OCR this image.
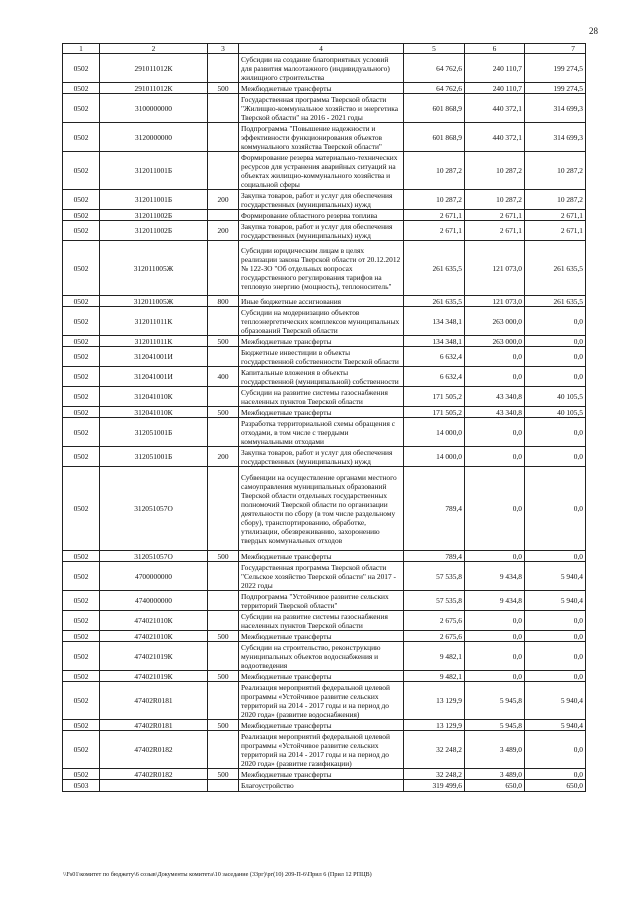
28
1	2	3	4	5	6	7
0502	291011012К		Субсидии на создание благоприятных условий для развития малоэтажного (индивидуального) жилищного строительства	64 762,6	240 110,7	199 274,5
0502	291011012К	500	Межбюджетные трансферты	64 762,6	240 110,7	199 274,5
0502	3100000000		Государственная программа Тверской области "Жилищно-коммунальное хозяйство и энергетика Тверской области" на 2016 - 2021 годы	601 868,9	440 372,1	314 699,3
0502	3120000000		Подпрограмма "Повышение надежности и эффективности функционирования объектов коммунального хозяйства Тверской области"	601 868,9	440 372,1	314 699,3
0502	312011001Б		Формирование резерва материально-технических ресурсов для устранения аварийных ситуаций на объектах жилищно-коммунального хозяйства и социальной сферы	10 287,2	10 287,2	10 287,2
0502	312011001Б	200	Закупка товаров, работ и услуг для обеспечения государственных (муниципальных) нужд	10 287,2	10 287,2	10 287,2
0502	312011002Б		Формирование областного резерва топлива	2 671,1	2 671,1	2 671,1
0502	312011002Б	200	Закупка товаров, работ и услуг для обеспечения государственных (муниципальных) нужд	2 671,1	2 671,1	2 671,1
0502	312011005Ж		Субсидии юридическим лицам в целях реализации закона Тверской области от 20.12.2012 № 122-ЗО "Об отдельных вопросах государственного регулирования тарифов на тепловую энергию (мощность), теплоноситель"	261 635,5	121 073,0	261 635,5
0502	312011005Ж	800	Иные бюджетные ассигнования	261 635,5	121 073,0	261 635,5
0502	312011011К		Субсидии на модернизацию объектов теплоэнергетических комплексов муниципальных образований Тверской области	134 348,1	263 000,0	0,0
0502	312011011К	500	Межбюджетные трансферты	134 348,1	263 000,0	0,0
0502	312041001И		Бюджетные инвестиции в объекты государственной собственности Тверской области	6 632,4	0,0	0,0
0502	312041001И	400	Капитальные вложения в объекты государственной (муниципальной) собственности	6 632,4	0,0	0,0
0502	312041010К		Субсидии на развитие системы газоснабжения населенных пунктов Тверской области	171 505,2	43 340,8	40 105,5
0502	312041010К	500	Межбюджетные трансферты	171 505,2	43 340,8	40 105,5
0502	312051001Б		Разработка территориальной схемы обращения с отходами, в том числе с твердыми коммунальными отходами	14 000,0	0,0	0,0
0502	312051001Б	200	Закупка товаров, работ и услуг для обеспечения государственных (муниципальных) нужд	14 000,0	0,0	0,0
0502	312051057О		Субвенции на осуществление органами местного самоуправления муниципальных образований Тверской области отдельных государственных полномочий Тверской области по организации деятельности по сбору (в том числе раздельному сбору), транспортированию, обработке, утилизации, обезвреживанию, захоронению твердых коммунальных отходов	789,4	0,0	0,0
0502	312051057О	500	Межбюджетные трансферты	789,4	0,0	0,0
0502	4700000000		Государственная программа Тверской области "Сельское хозяйство Тверской области" на 2017 - 2022 годы	57 535,8	9 434,8	5 940,4
0502	4740000000		Подпрограмма "Устойчивое развитие сельских территорий Тверской области"	57 535,8	9 434,8	5 940,4
0502	474021010К		Субсидии на развитие системы газоснабжения населенных пунктов Тверской области	2 675,6	0,0	0,0
0502	474021010К	500	Межбюджетные трансферты	2 675,6	0,0	0,0
0502	474021019К		Субсидии на строительство, реконструкцию муниципальных объектов водоснабжения и водоотведения	9 482,1	0,0	0,0
0502	474021019К	500	Межбюджетные трансферты	9 482,1	0,0	0,0
0502	47402R0181		Реализация мероприятий федеральной целевой программы «Устойчивое развитие сельских территорий на 2014 - 2017 годы и на период до 2020 года» (развитие водоснабжения)	13 129,9	5 945,8	5 940,4
0502	47402R0181	500	Межбюджетные трансферты	13 129,9	5 945,8	5 940,4
0502	47402R0182		Реализация мероприятий федеральной целевой программы «Устойчивое развитие сельских территорий на 2014 - 2017 годы и на период до 2020 года» (развитие газификации)	32 248,2	3 489,0	0,0
0502	47402R0182	500	Межбюджетные трансферты	32 248,2	3 489,0	0,0
0503			Благоустройство	319 499,6	650,0	650,0
\\Fs01\комитет по бюджету\6 созыв\Документы комитета\10 заседание (33рг)\рг(10) 209-П-6\Прил 6 (Прил 12 РПЦВ)
